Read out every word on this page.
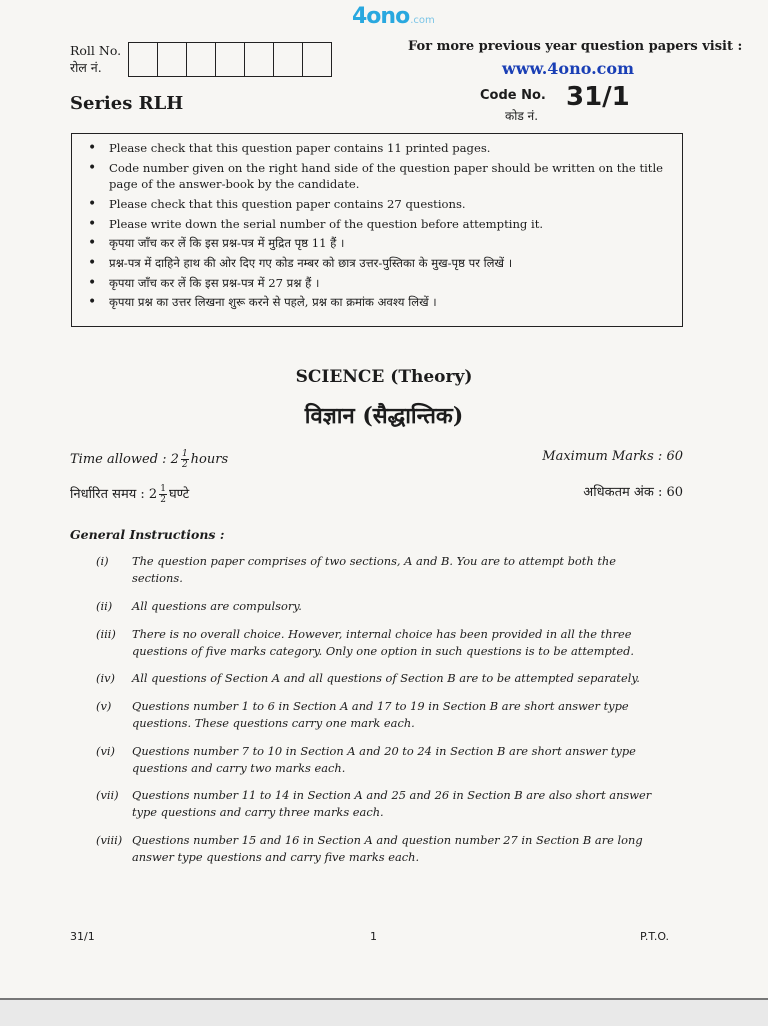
4ono.com
Roll No.
रोल नं.
For more previous year question papers visit :
www.4ono.com
Series RLH	Code No.
कोड नं.
31/1
• Please check that this question paper contains 11 printed pages.
• Code number given on the right hand side of the question paper should be written on the title page of the answer-book by the candidate.
• Please check that this question paper contains 27 questions.
• Please write down the serial number of the question before attempting it.
• कृपया जाँच कर लें कि इस प्रश्न-पत्र में मुद्रित पृष्ठ 11 हैं ।
• प्रश्न-पत्र में दाहिने हाथ की ओर दिए गए कोड नम्बर को छात्र उत्तर-पुस्तिका के मुख-पृष्ठ पर लिखें ।
• कृपया जाँच कर लें कि इस प्रश्न-पत्र में 27 प्रश्न हैं ।
• कृपया प्रश्न का उत्तर लिखना शुरू करने से पहले, प्रश्न का क्रमांक अवश्य लिखें ।
SCIENCE (Theory)
विज्ञान (सैद्धान्तिक)
Time allowed : $2 \frac{1}{2}$ hours
निर्धारित समय : $2 \frac{1}{2}$ घण्टे
Maximum Marks : 60
अधिकतम अंक : 60
General Instructions :
(i)	The question paper comprises of two sections, A and B. You are to attempt both the sections.
(ii)	All questions are compulsory.
(iii)	There is no overall choice. However, internal choice has been provided in all the three questions of five marks category. Only one option in such questions is to be attempted.
(iv)	All questions of Section A and all questions of Section B are to be attempted separately.
(v)	Questions number 1 to 6 in Section A and 17 to 19 in Section B are short answer type questions. These questions carry one mark each.
(vi)	Questions number 7 to 10 in Section A and 20 to 24 in Section B are short answer type questions and carry two marks each.
(vii)	Questions number 11 to 14 in Section A and 25 and 26 in Section B are also short answer type questions and carry three marks each.
(viii) Questions number 15 and 16 in Section A and question number 27 in Section B are long answer type questions and carry five marks each.
31/1	1	P.T.O.
